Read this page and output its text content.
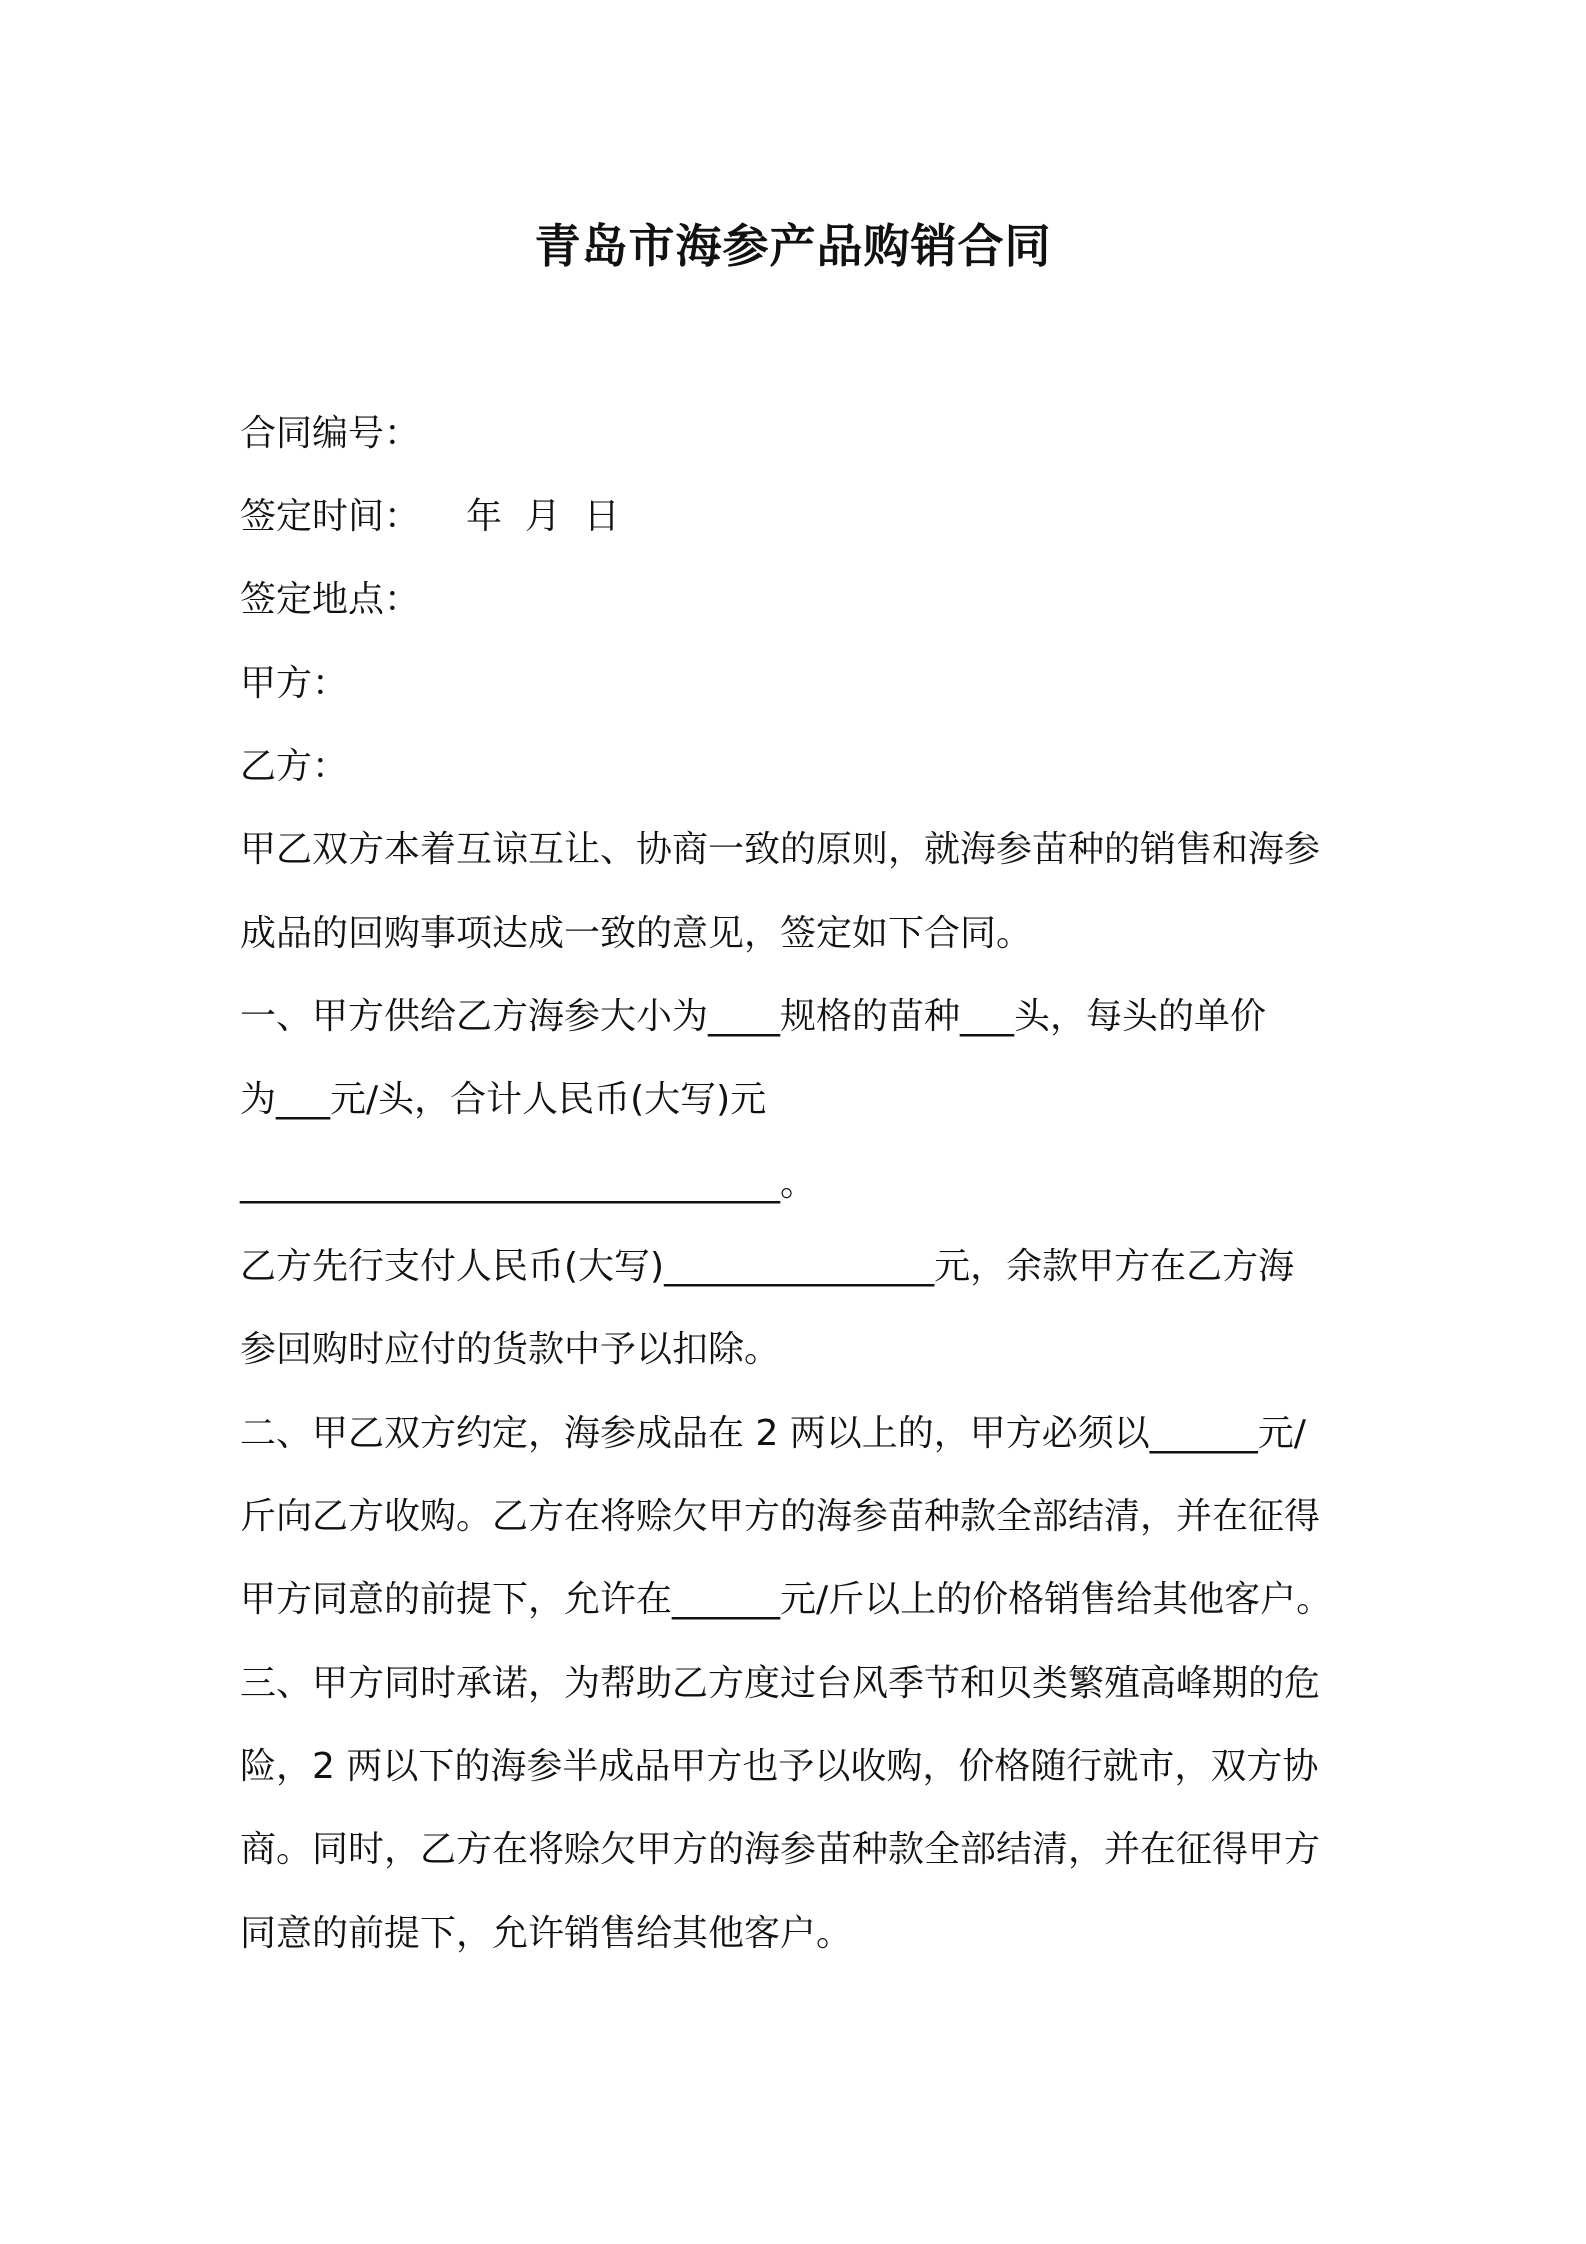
青岛市海参产品购销合同
合同编号：
签定时间： 年  月  日
签定地点：
甲方：
乙方：
甲乙双方本着互谅互让、协商一致的原则，就海参苗种的销售和海参
成品的回购事项达成一致的意见，签定如下合同。
一、甲方供给乙方海参大小为____规格的苗种___头，每头的单价
为___元/头，合计人民币(大写)元
______________________________。
乙方先行支付人民币(大写)_______________元，余款甲方在乙方海
参回购时应付的货款中予以扣除。
二、甲乙双方约定，海参成品在 2 两以上的，甲方必须以______元/
斤向乙方收购。乙方在将赊欠甲方的海参苗种款全部结清，并在征得
甲方同意的前提下，允许在______元/斤以上的价格销售给其他客户。
三、甲方同时承诺，为帮助乙方度过台风季节和贝类繁殖高峰期的危
险，2 两以下的海参半成品甲方也予以收购，价格随行就市，双方协
商。同时，乙方在将赊欠甲方的海参苗种款全部结清，并在征得甲方
同意的前提下，允许销售给其他客户。
